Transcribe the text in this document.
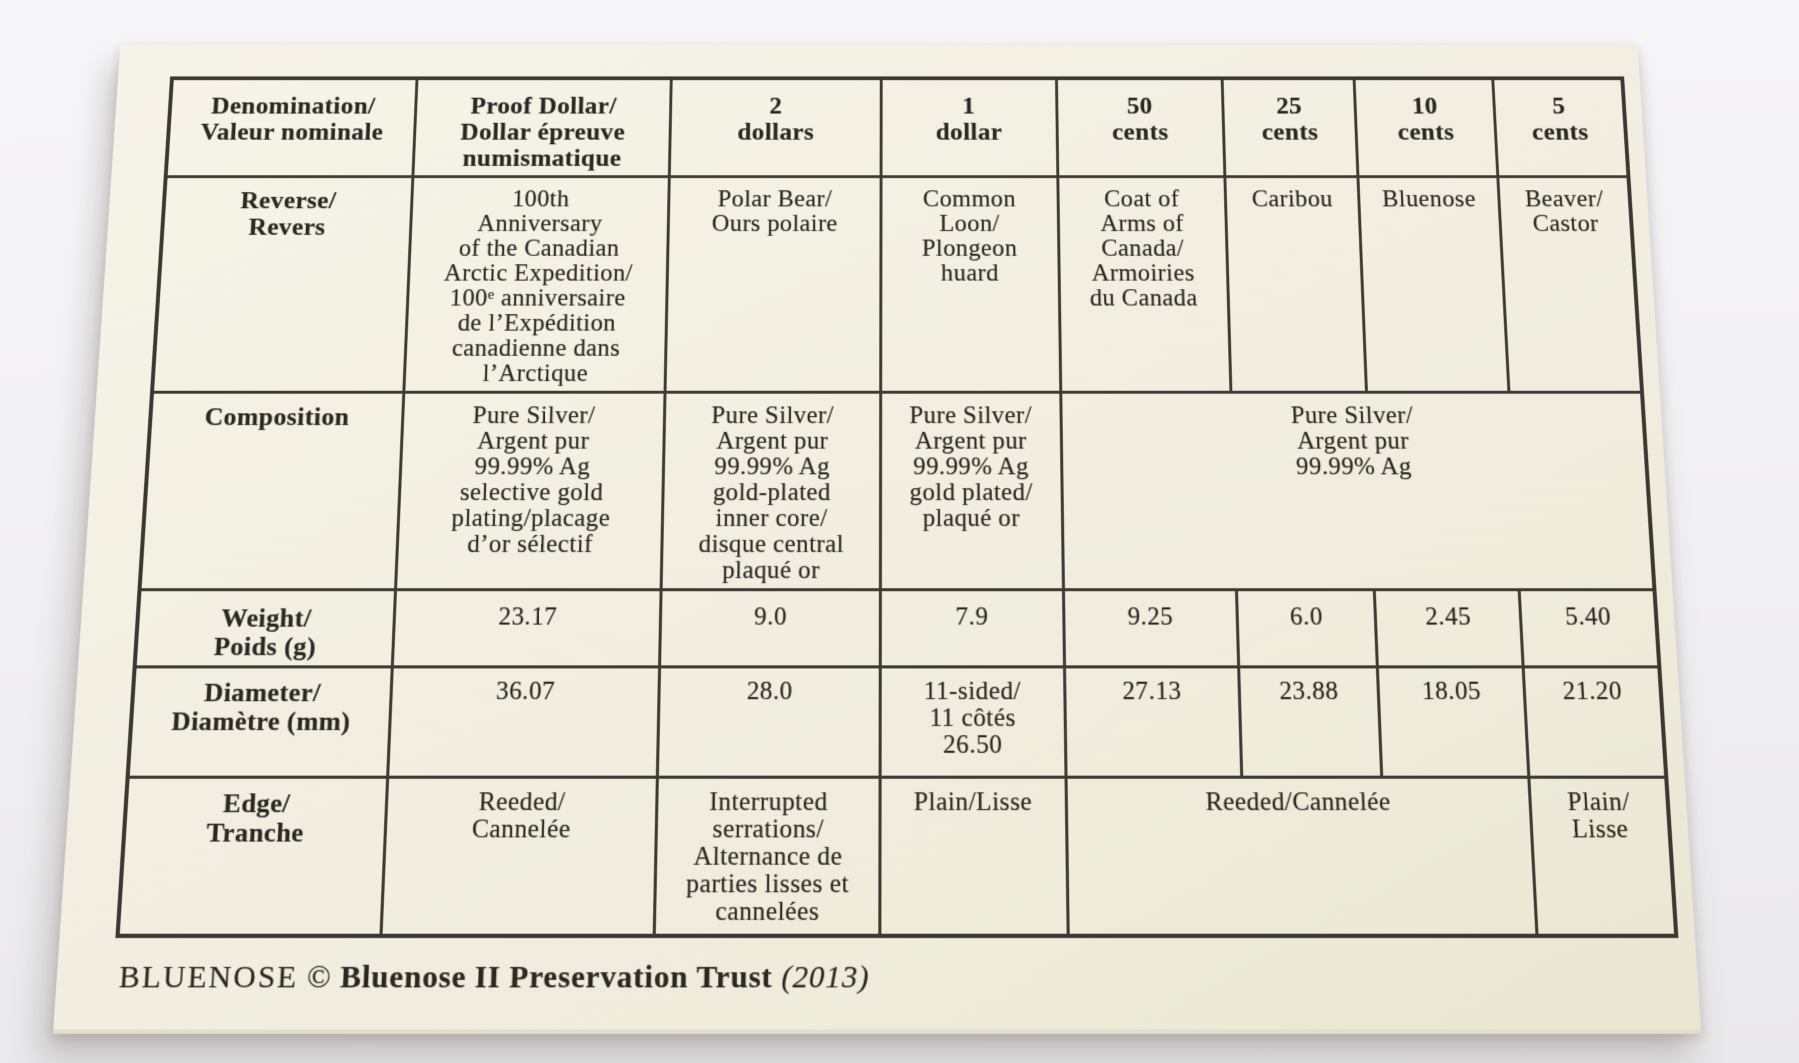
Denomination/
Valeur nominale	Proof Dollar/
Dollar épreuve
numismatique	2
dollars	1
dollar	50
cents	25
cents	10
cents	5
cents
Reverse/
Revers	100th
Anniversary
of the Canadian
Arctic Expedition/
100ᵉ anniversaire
de l’Expédition
canadienne dans
l’Arctique	Polar Bear/
Ours polaire	Common
Loon/
Plongeon
huard	Coat of
Arms of
Canada/
Armoiries
du Canada	Caribou	Bluenose	Beaver/
Castor
Composition	Pure Silver/
Argent pur
99.99% Ag
selective gold
plating/placage
d’or sélectif	Pure Silver/
Argent pur
99.99% Ag
gold-plated
inner core/
disque central
plaqué or	Pure Silver/
Argent pur
99.99% Ag
gold plated/
plaqué or	Pure Silver/
Argent pur
99.99% Ag
Weight/
Poids (g)	23.17	9.0	7.9	9.25	6.0	2.45	5.40
Diameter/
Diamètre (mm)	36.07	28.0	11-sided/
11 côtés
26.50	27.13	23.88	18.05	21.20
Edge/
Tranche	Reeded/
Cannelée	Interrupted
serrations/
Alternance de
parties lisses et
cannelées	Plain/Lisse	Reeded/Cannelée			Plain/
Lisse
BLUENOSE © Bluenose II Preservation Trust (2013)
